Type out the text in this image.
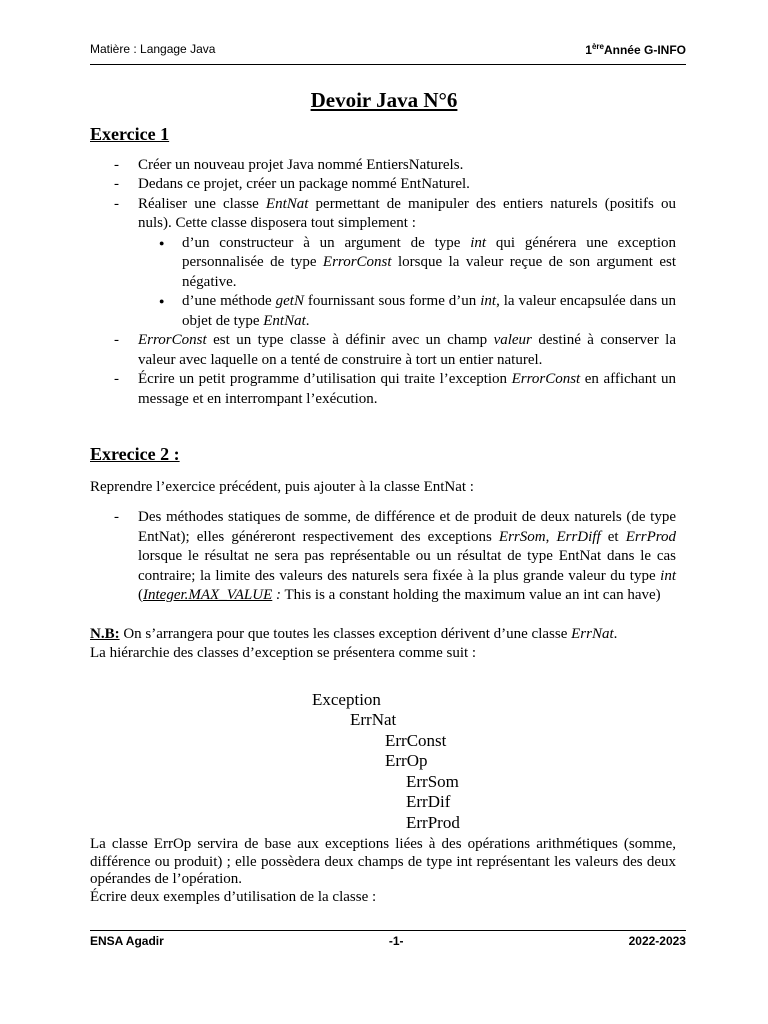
Matière : Langage Java	1èreAnnée G-INFO
Devoir Java N°6

Exercice 1

- Créer un nouveau projet Java nommé EntiersNaturels.
- Dedans ce projet, créer un package nommé EntNaturel.
- Réaliser une classe EntNat permettant de manipuler des entiers naturels (positifs ou nuls). Cette classe disposera tout simplement :
● d’un constructeur à un argument de type int qui générera une exception personnalisée de type ErrorConst lorsque la valeur reçue de son argument est négative.
● d’une méthode getN fournissant sous forme d’un int, la valeur encapsulée dans un objet de type EntNat.
- ErrorConst est un type classe à définir avec un champ valeur destiné à conserver la valeur avec laquelle on a tenté de construire à tort un entier naturel.
- Écrire un petit programme d’utilisation qui traite l’exception ErrorConst en affichant un message et en interrompant l’exécution.

Exrecice 2 :

Reprendre l’exercice précédent, puis ajouter à la classe EntNat :

- Des méthodes statiques de somme, de différence et de produit de deux naturels (de type EntNat); elles généreront respectivement des exceptions ErrSom, ErrDiff et ErrProd lorsque le résultat ne sera pas représentable ou un résultat de type EntNat dans le cas contraire; la limite des valeurs des naturels sera fixée à la plus grande valeur du type int (Integer.MAX_VALUE : This is a constant holding the maximum value an int can have)

N.B: On s’arrangera pour que toutes les classes exception dérivent d’une classe ErrNat.

La hiérarchie des classes d’exception se présentera comme suit :

Exception
ErrNat
ErrConst
ErrOp
ErrSom
ErrDif
ErrProd

La classe ErrOp servira de base aux exceptions liées à des opérations arithmétiques (somme, différence ou produit) ; elle possèdera deux champs de type int représentant les valeurs des deux opérandes de l’opération.

Écrire deux exemples d’utilisation de la classe :

ENSA Agadir	-1-	2022-2023
